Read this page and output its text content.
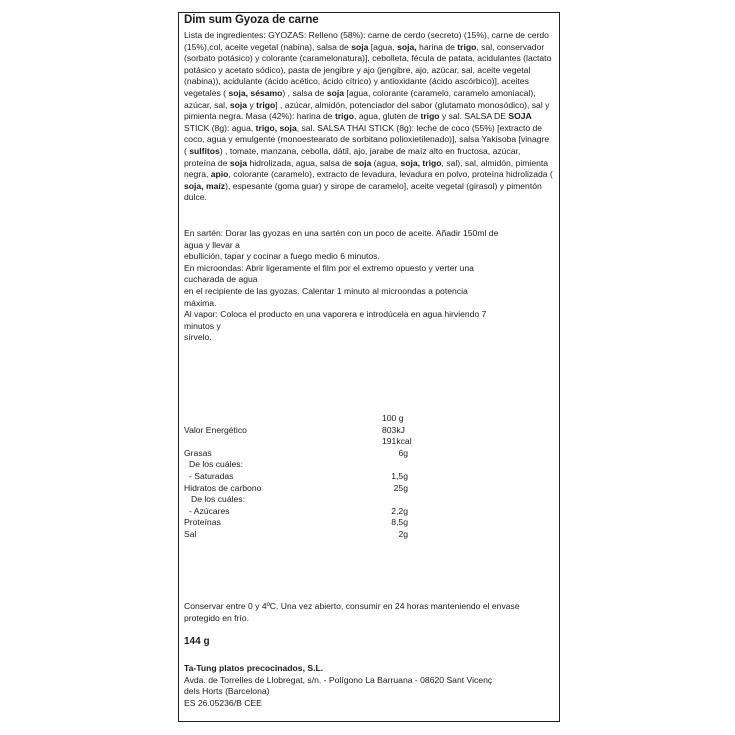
Dim sum Gyoza de carne

Lista de ingredientes: GYOZAS: Relleno (58%): carne de cerdo (secreto) (15%), carne de cerdo (15%),col, aceite vegetal (nabina), salsa de soja [agua, soja, harina de trigo, sal, conservador (sorbato potásico) y colorante (caramelonatura)], cebolleta, fécula de patata, acidulantes (lactato potásico y acetato sódico), pasta de jengibre y ajo (jengibre, ajo, azúcar, sal, aceite vegetal (nabina)), acidulante (ácido acético, ácido cítrico) y antioxidante (ácido ascórbico)], aceites vegetales ( soja, sésamo) , salsa de soja [agua, colorante (caramelo, caramelo amoniacal), azúcar, sal, soja y trigo] , azúcar, almidón, potenciador del sabor (glutamato monosódico), sal y pimienta negra. Masa (42%): harina de trigo, agua, gluten de trigo y sal. SALSA DE SOJA STICK (8g): agua, trigo, soja, sal. SALSA THAI STICK (8g): leche de coco (55%) [extracto de coco, agua y emulgente (monoestearato de sorbitano polioxietilenado)], salsa Yakisoba [vinagre ( sulfitos) , tomate, manzana, cebolla, dátil, ajo, jarabe de maíz alto en fructosa, azúcar, proteína de soja hidrolizada, agua, salsa de soja (agua, soja, trigo, sal), sal, almidón, pimienta negra, apio, colorante (caramelo), extracto de levadura, levadura en polvo, proteína hidrolizada ( soja, maíz), espesante (goma guar) y sirope de caramelo], aceite vegetal (girasol) y pimentón dulce.

En sartén: Dorar las gyozas en una sartén con un poco de aceite. Añadir 150ml de
agua y llevar a
ebullición, tapar y cocinar a fuego medio 6 minutos.
En microondas: Abrir ligeramente el film por el extremo opuesto y verter una
cucharada de agua
en el recipiente de las gyozas. Calentar 1 minuto al microondas a potencia
máxima.
Al vapor: Coloca el producto en una vaporera e introdúcela en agua hirviendo 7
minutos y
sírvelo.
100 g
Valor Energético	803kJ
191kcal
Grasas	6g
De los cuáles:
- Saturadas	1,5g
Hidratos de carbono	25g
De los cuáles:
- Azúcares	2,2g
Proteínas	8,5g
Sal	2g

Conservar entre 0 y 4ºC. Una vez abierto, consumir en 24 horas manteniendo el envase protegido en frío.

144 g
Ta-Tung platos precocinados, S.L.
Avda. de Torrelles de Llobregat, s/n. - Polígono La Barruana - 08620 Sant Vicenç
dels Horts (Barcelona)
ES 26.05236/B CEE
